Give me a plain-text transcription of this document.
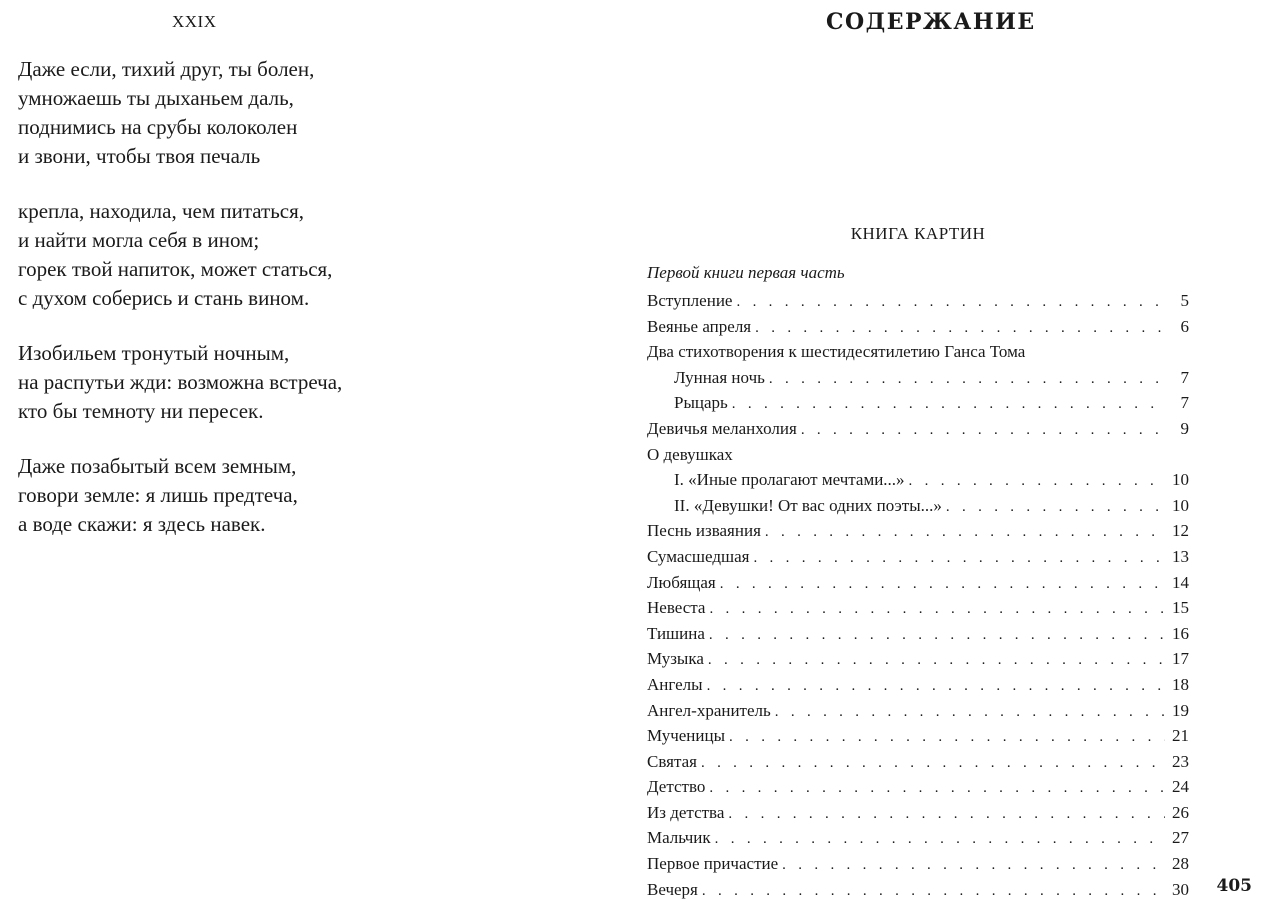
XXIX
Даже если, тихий друг, ты болен,
умножаешь ты дыханьем даль,
поднимись на срубы колоколен
и звони, чтобы твоя печаль
крепла, находила, чем питаться,
и найти могла себя в ином;
горек твой напиток, может статься,
с духом соберись и стань вином.
Изобильем тронутый ночным,
на распутьи жди: возможна встреча,
кто бы темноту ни пересек.
Даже позабытый всем земным,
говори земле: я лишь предтеча,
а воде скажи: я здесь навек.
СОДЕРЖАНИЕ
КНИГА КАРТИН
Первой книги первая часть
Вступление . . .	5
Веянье апреля . . .	6
Два стихотворения к шестидесятилетию Ганса Тома
Лунная ночь . . .	7
Рыцарь . . .	7
Девичья меланхолия . . .	9
О девушках
I. «Иные пролагают мечтами...» . . .	10
II. «Девушки! От вас одних поэты...» . . .	10
Песнь изваяния . . .	12
Сумасшедшая . . .	13
Любящая . . .	14
Невеста . . .	15
Тишина . . .	16
Музыка . . .	17
Ангелы . . .	18
Ангел-хранитель . . .	19
Мученицы . . .	21
Святая . . .	23
Детство . . .	24
Из детства . . .	26
Мальчик . . .	27
Первое причастие . . .	28
Вечеря . . .	30 405
